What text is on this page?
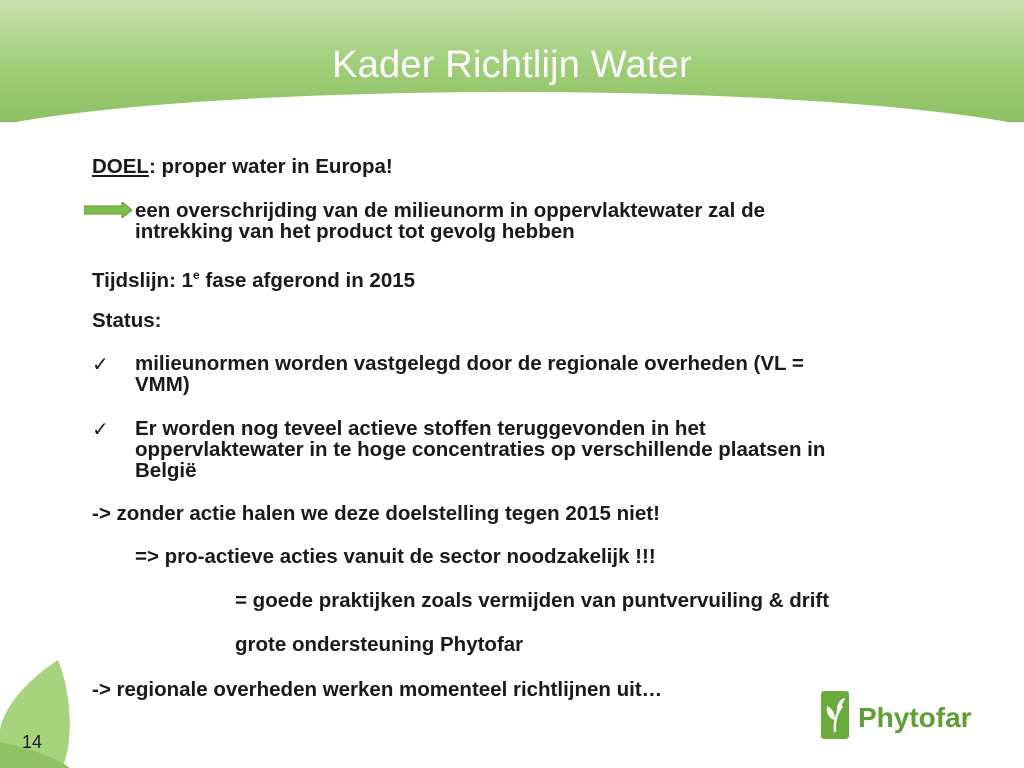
Kader Richtlijn Water
DOEL: proper water in Europa!
een overschrijding van de milieunorm in oppervlaktewater zal de
intrekking van het product tot gevolg hebben
Tijdslijn: 1e fase afgerond in 2015
Status:
✓ milieunormen worden vastgelegd door de regionale overheden (VL =
VMM)
✓ Er worden nog teveel actieve stoffen teruggevonden in het
oppervlaktewater in te hoge concentraties op verschillende plaatsen in
België
-> zonder actie halen we deze doelstelling tegen 2015 niet!
=> pro-actieve acties vanuit de sector noodzakelijk !!!
= goede praktijken zoals vermijden van puntvervuiling & drift
grote ondersteuning Phytofar
-> regionale overheden werken momenteel richtlijnen uit…
14
Phytofar
